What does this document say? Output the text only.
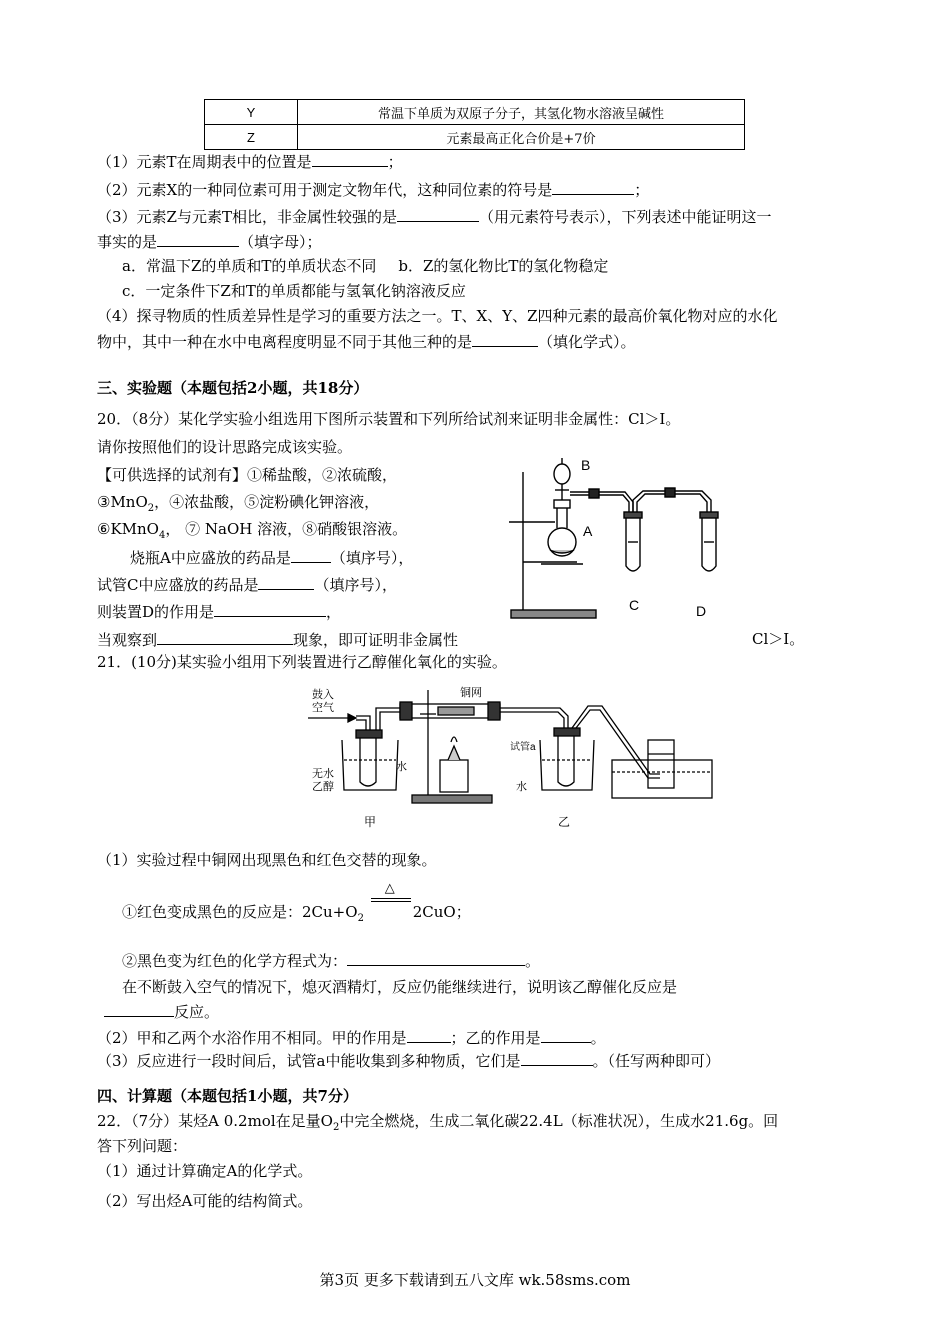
Y	常温下单质为双原子分子，其氢化物水溶液呈碱性
Z	元素最高正化合价是+7价
（1）元素T在周期表中的位置是	；
（2）元素X的一种同位素可用于测定文物年代，这种同位素的符号是	；
（3）元素Z与元素T相比，非金属性较强的是	（用元素符号表示），下列表述中能证明这一
事实的是	（填字母）；
a．常温下Z的单质和T的单质状态不同 b．Z的氢化物比T的氢化物稳定
c．一定条件下Z和T的单质都能与氢氧化钠溶液反应
（4）探寻物质的性质差异性是学习的重要方法之一。T、X、Y、Z四种元素的最高价氧化物对应的水化
物中，其中一种在水中电离程度明显不同于其他三种的是	（填化学式）。
三、实验题（本题包括2小题，共18分）
20．（8分）某化学实验小组选用下图所示装置和下列所给试剂来证明非金属性：Cl＞I。
请你按照他们的设计思路完成该实验。
【可供选择的试剂有】①稀盐酸，②浓硫酸，
③MnO$_2$，④浓盐酸，⑤淀粉碘化钾溶液，
⑥KMnO$_4$， ⑦ NaOH 溶液，⑧硝酸银溶液。
烧瓶A中应盛放的药品是	（填序号），
试管C中应盛放的药品是	（填序号），
则装置D的作用是	，
当观察到	现象，即可证明非金属性	Cl＞I。
B
A
C	D
21．(10分)某实验小组用下列装置进行乙醇催化氧化的实验。
鼓入
空气
铜网
试管a
无水
乙醇
水
水
甲	乙
（1）实验过程中铜网出现黑色和红色交替的现象。
①红色变成黑色的反应是：$2Cu+O_2$
△
2CuO；
②黑色变为红色的化学方程式为：	。
在不断鼓入空气的情况下，熄灭酒精灯，反应仍能继续进行，说明该乙醇催化反应是
反应。
（2）甲和乙两个水浴作用不相同。甲的作用是	；乙的作用是	。
（3）反应进行一段时间后，试管a中能收集到多种物质，它们是	。（任写两种即可）
四、计算题（本题包括1小题，共7分）
22．（7分）某烃A 0.2mol在足量$O_2$中完全燃烧，生成二氧化碳22.4L（标准状况），生成水21.6g。回
答下列问题：
（1）通过计算确定A的化学式。
（2）写出烃A可能的结构简式。
第3页 更多下载请到五八文库 wk.58sms.com
